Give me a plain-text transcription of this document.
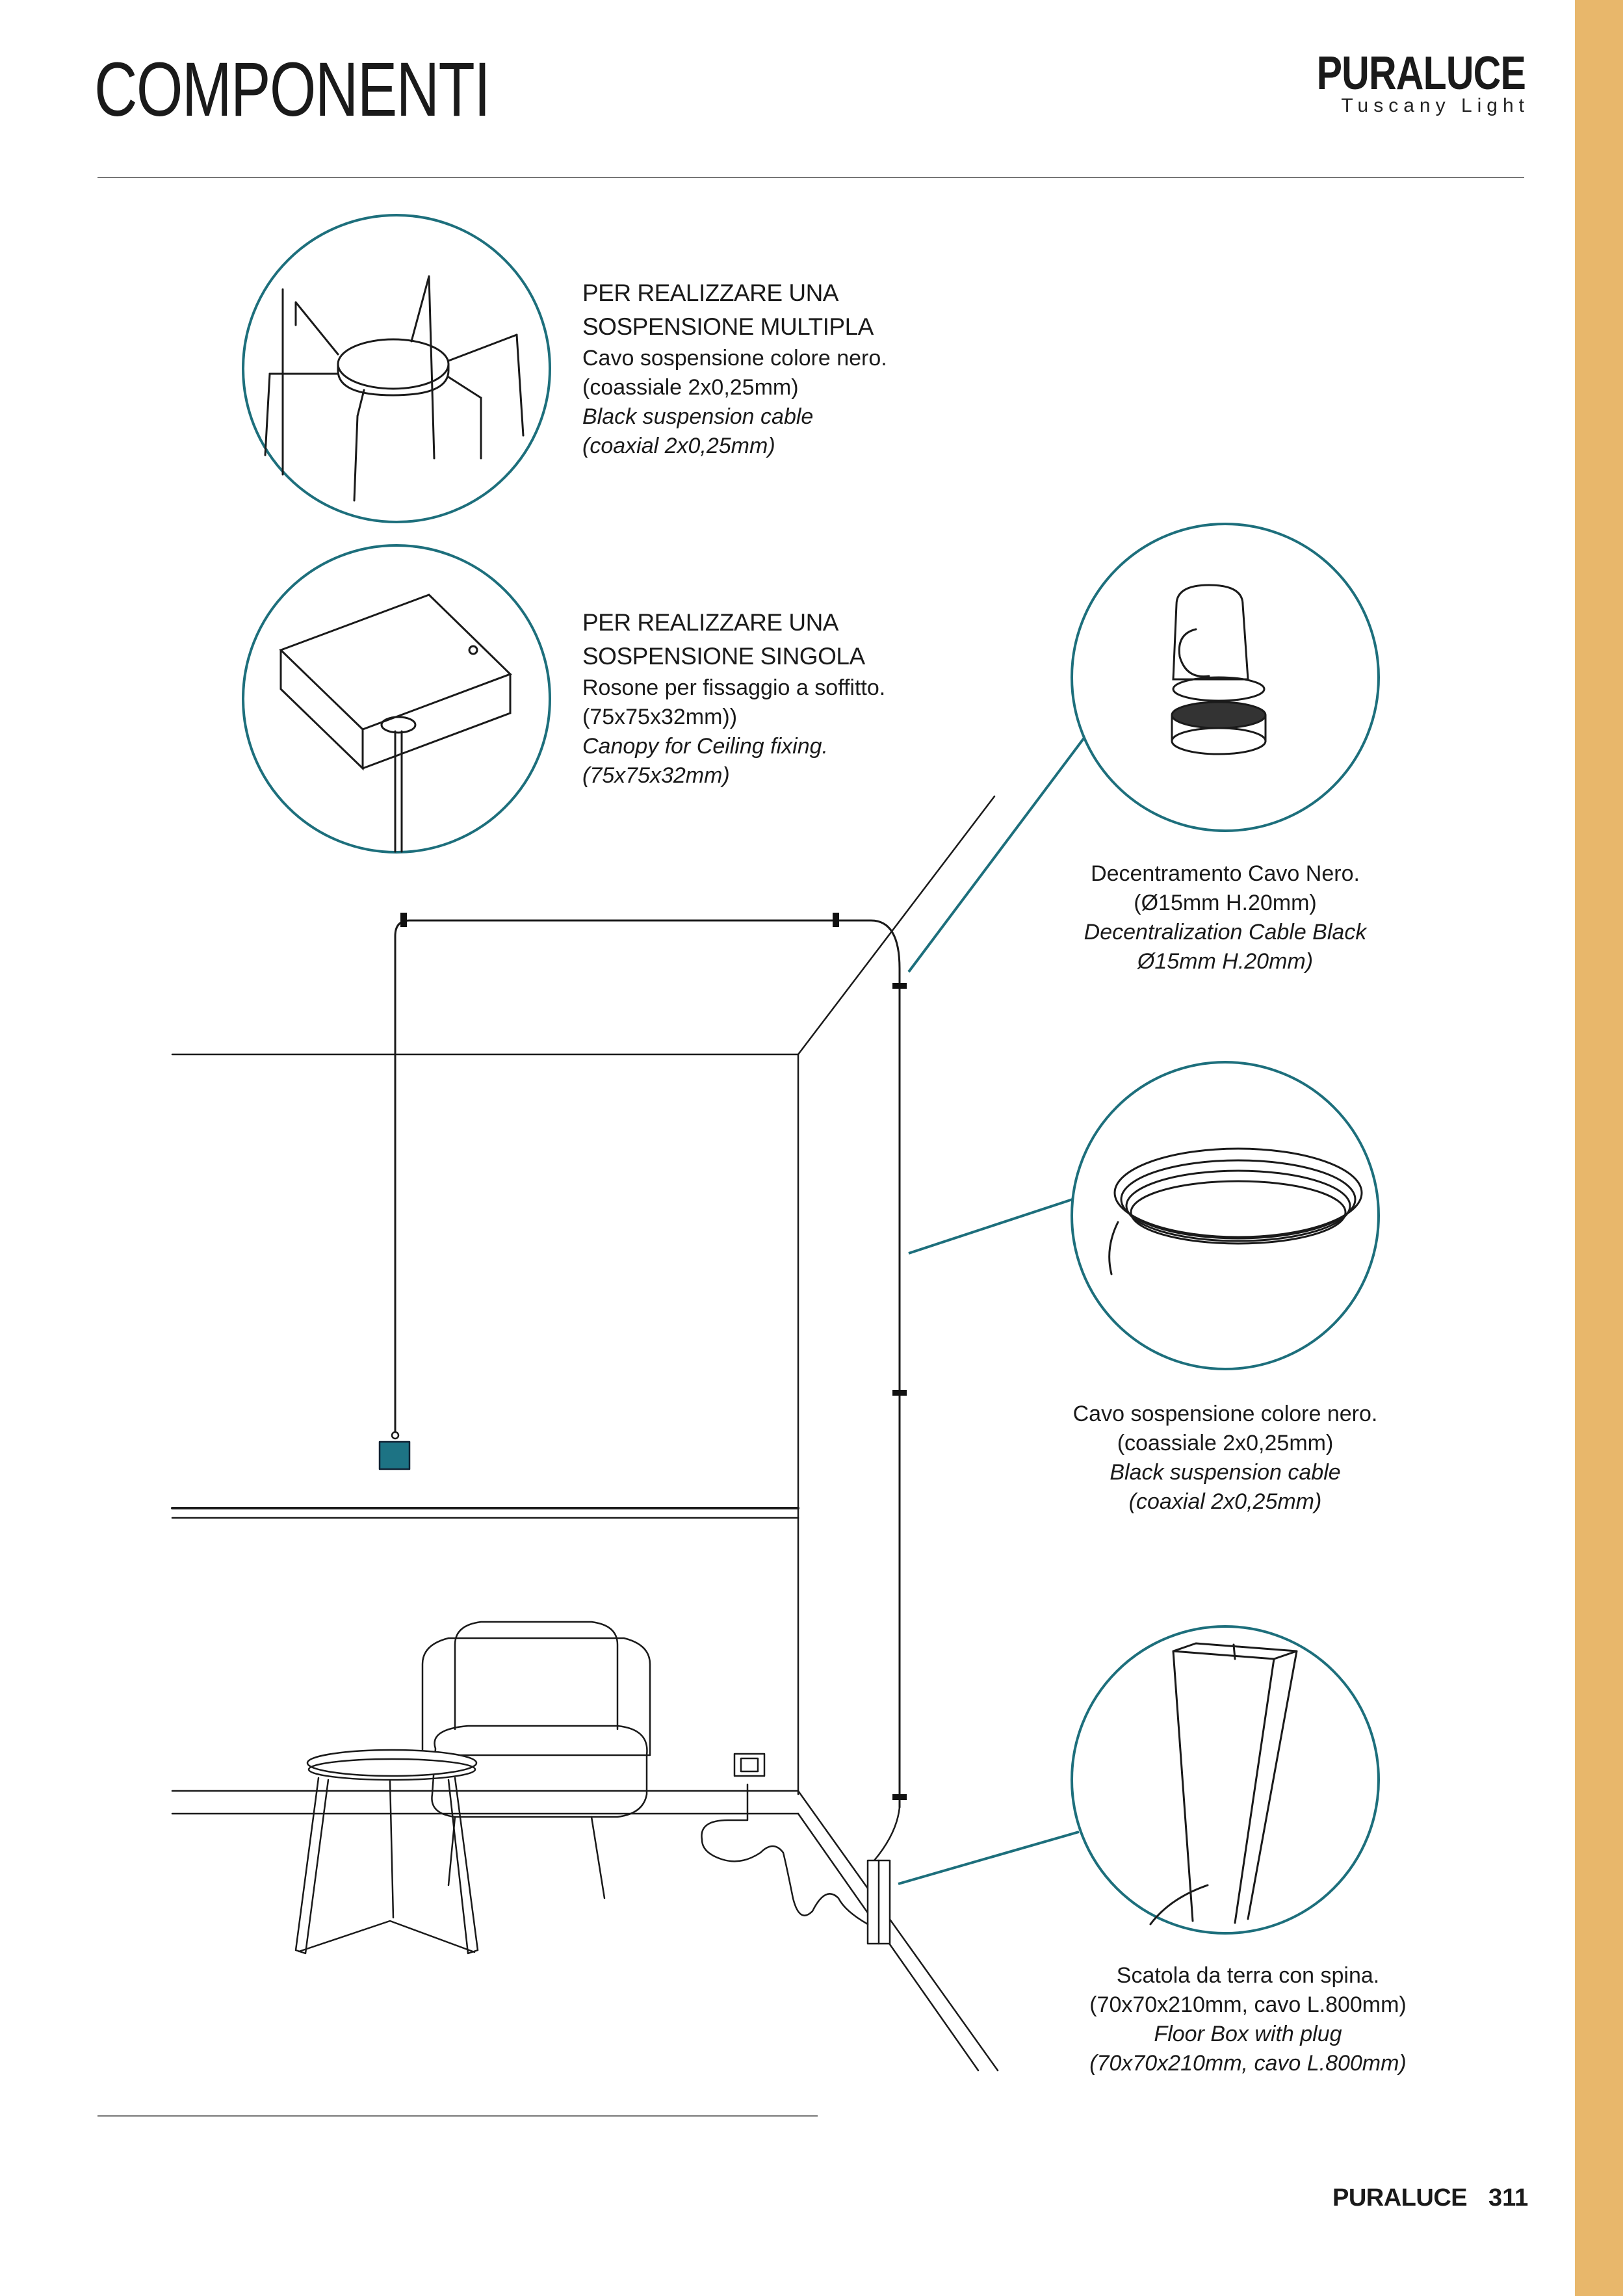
COMPONENTI	PURALUCE
Tuscany Light
PER REALIZZARE UNA
SOSPENSIONE MULTIPLA
Cavo sospensione colore nero.
(coassiale 2x0,25mm)
Black suspension cable
(coaxial 2x0,25mm)
PER REALIZZARE UNA
SOSPENSIONE SINGOLA
Rosone per fissaggio a soffitto.
(75x75x32mm))
Canopy for Ceiling fixing.
(75x75x32mm)
Decentramento Cavo Nero.
(Ø15mm H.20mm)
Decentralization Cable Black
Ø15mm H.20mm)
Cavo sospensione colore nero.
(coassiale 2x0,25mm)
Black suspension cable
(coaxial 2x0,25mm)
Scatola da terra con spina.
(70x70x210mm, cavo L.800mm)
Floor Box with plug
(70x70x210mm, cavo L.800mm)
PURALUCE 311
